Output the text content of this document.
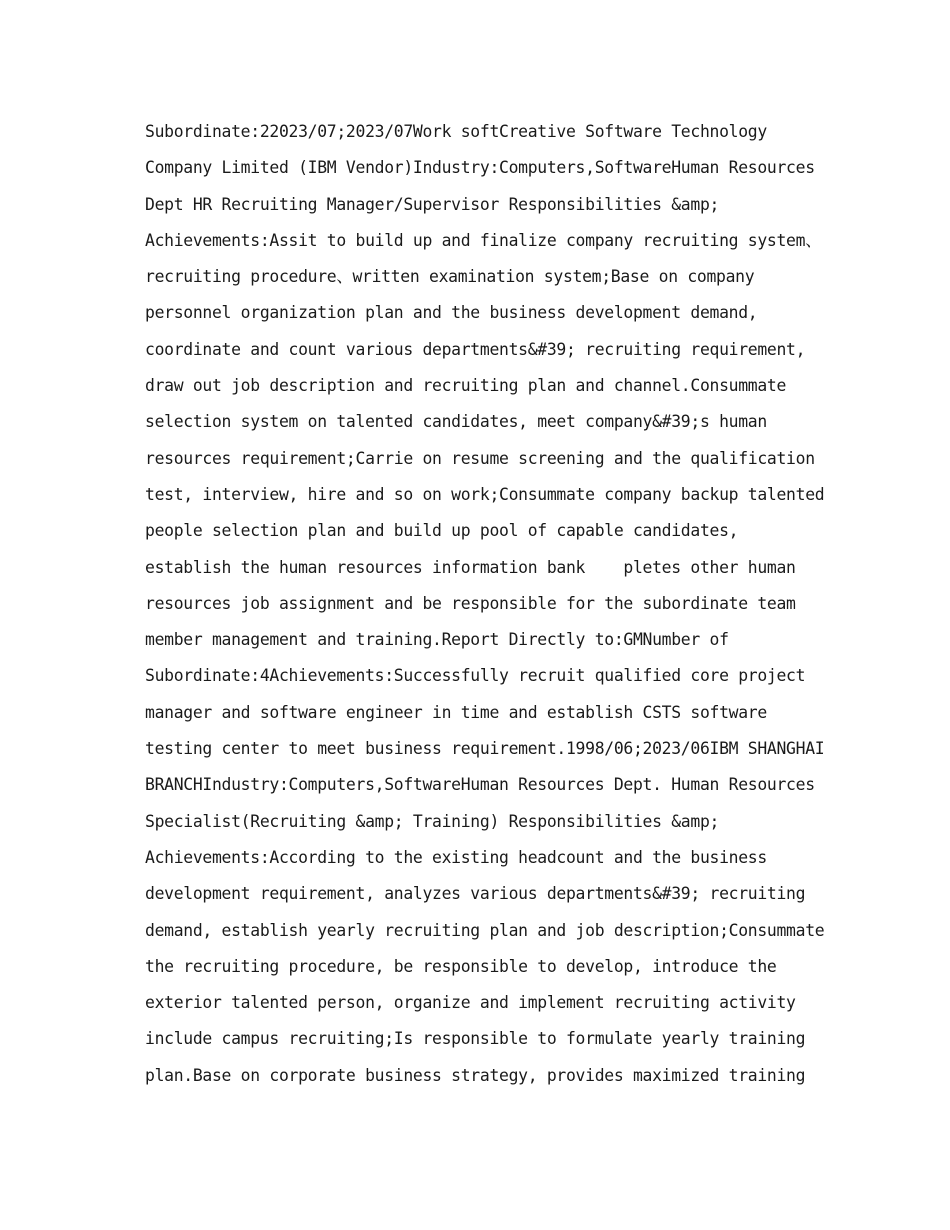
Subordinate:22023/07;2023/07Work softCreative Software Technology
Company Limited (IBM Vendor)Industry:Computers,SoftwareHuman Resources
Dept HR Recruiting Manager/Supervisor Responsibilities &amp;
Achievements:Assit to build up and finalize company recruiting system、
recruiting procedure、written examination system;Base on company
personnel organization plan and the business development demand,
coordinate and count various departments&#39; recruiting requirement,
draw out job description and recruiting plan and channel.Consummate
selection system on talented candidates, meet company&#39;s human
resources requirement;Carrie on resume screening and the qualification
test, interview, hire and so on work;Consummate company backup talented
people selection plan and build up pool of capable candidates,
establish the human resources information bank    pletes other human
resources job assignment and be responsible for the subordinate team
member management and training.Report Directly to:GMNumber of
Subordinate:4Achievements:Successfully recruit qualified core project
manager and software engineer in time and establish CSTS software
testing center to meet business requirement.1998/06;2023/06IBM SHANGHAI
BRANCHIndustry:Computers,SoftwareHuman Resources Dept. Human Resources
Specialist(Recruiting &amp; Training) Responsibilities &amp;
Achievements:According to the existing headcount and the business
development requirement, analyzes various departments&#39; recruiting
demand, establish yearly recruiting plan and job description;Consummate
the recruiting procedure, be responsible to develop, introduce the
exterior talented person, organize and implement recruiting activity
include campus recruiting;Is responsible to formulate yearly training
plan.Base on corporate business strategy, provides maximized training
